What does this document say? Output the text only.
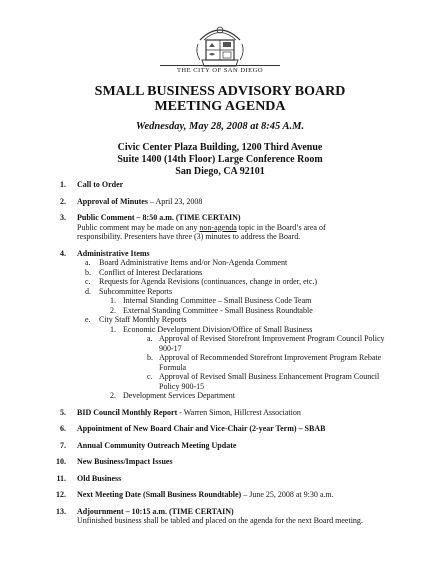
THE CITY OF SAN DIEGO
SMALL BUSINESS ADVISORY BOARD
MEETING AGENDA
Wednesday, May 28, 2008 at 8:45 A.M.
Civic Center Plaza Building, 1200 Third Avenue
Suite 1400 (14th Floor) Large Conference Room
San Diego, CA 92101
1. Call to Order
2. Approval of Minutes – April 23, 2008
3. Public Comment – 8:50 a.m. (TIME CERTAIN)
Public comment may be made on any non-agenda topic in the Board’s area of
responsibility. Presenters have three (3) minutes to address the Board.
4. Administrative Items
a. Board Administrative Items and/or Non-Agenda Comment
b. Conflict of Interest Declarations
c. Requests for Agenda Revisions (continuances, change in order, etc.)
d. Subcommittee Reports
1. Internal Standing Committee – Small Business Code Team
2. External Standing Committee - Small Business Roundtable
e. City Staff Monthly Reports
1. Economic Development Division/Office of Small Business
a. Approval of Revised Storefront Improvement Program Council Policy
900-17
b. Approval of Recommended Storefront Improvement Program Rebate
Formula
c. Approval of Revised Small Business Enhancement Program Council
Policy 900-15
2. Development Services Department
5. BID Council Monthly Report - Warren Simon, Hillcrest Association
6. Appointment of New Board Chair and Vice-Chair (2-year Term) – SBAB
7. Annual Community Outreach Meeting Update
10. New Business/Impact Issues
11. Old Business
12. Next Meeting Date (Small Business Roundtable) – June 25, 2008 at 9:30 a.m.
13. Adjournment – 10:15 a.m. (TIME CERTAIN)
Unfinished business shall be tabled and placed on the agenda for the next Board meeting.
